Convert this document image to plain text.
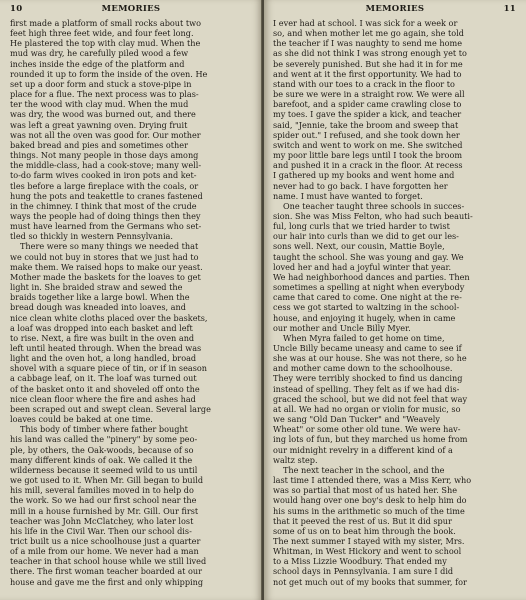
10	MEMORIES
first made a platform of small rocks about two
feet high three feet wide, and four feet long.
He plastered the top with clay mud. When the
mud was dry, he carefully piled wood a few
inches inside the edge of the platform and
rounded it up to form the inside of the oven. He
set up a door form and stuck a stove-pipe in
place for a flue. The next process was to plas-
ter the wood with clay mud. When the mud
was dry, the wood was burned out, and there
was left a great yawning oven. Drying fruit
was not all the oven was good for. Our mother
baked bread and pies and sometimes other
things. Not many people in those days among
the middle-class, had a cook-stove; many well-
to-do farm wives cooked in iron pots and ket-
tles before a large fireplace with the coals, or
hung the pots and teakettle to cranes fastened
in the chimney. I think that most of the crude
ways the people had of doing things then they
must have learned from the Germans who set-
tled so thickly in western Pennsylvania.
There were so many things we needed that
we could not buy in stores that we just had to
make them. We raised hops to make our yeast.
Mother made the baskets for the loaves to get
light in. She braided straw and sewed the
braids together like a large bowl. When the
bread dough was kneaded into loaves, and
nice clean white cloths placed over the baskets,
a loaf was dropped into each basket and left
to rise. Next, a fire was built in the oven and
left until heated through. When the bread was
light and the oven hot, a long handled, broad
shovel with a square piece of tin, or if in season
a cabbage leaf, on it. The loaf was turned out
of the basket onto it and shoveled off onto the
nice clean floor where the fire and ashes had
been scraped out and swept clean. Several large
loaves could be baked at one time.
This body of timber where father bought
his land was called the "pinery" by some peo-
ple, by others, the Oak-woods, because of so
many different kinds of oak. We called it the
wilderness because it seemed wild to us until
we got used to it. When Mr. Gill began to build
his mill, several families moved in to help do
the work. So we had our first school near the
mill in a house furnished by Mr. Gill. Our first
teacher was John McClatchey, who later lost
his life in the Civil War. Then our school dis-
trict built us a nice schoolhouse just a quarter
of a mile from our home. We never had a man
teacher in that school house while we still lived
there. The first woman teacher boarded at our
house and gave me the first and only whipping
MEMORIES	11
I ever had at school. I was sick for a week or
so, and when mother let me go again, she told
the teacher if I was naughty to send me home
as she did not think I was strong enough yet to
be severely punished. But she had it in for me
and went at it the first opportunity. We had to
stand with our toes to a crack in the floor to
be sure we were in a straight row. We were all
barefoot, and a spider came crawling close to
my toes. I gave the spider a kick, and teacher
said, "Jennie, take the broom and sweep that
spider out." I refused, and she took down her
switch and went to work on me. She switched
my poor little bare legs until I took the broom
and pushed it in a crack in the floor. At recess
I gathered up my books and went home and
never had to go back. I have forgotten her
name. I must have wanted to forget.
One teacher taught three schools in succes-
sion. She was Miss Felton, who had such beauti-
ful, long curls that we tried harder to twist
our hair into curls than we did to get our les-
sons well. Next, our cousin, Mattie Boyle,
taught the school. She was young and gay. We
loved her and had a joyful winter that year.
We had neighborhood dances and parties. Then
sometimes a spelling at night when everybody
came that cared to come. One night at the re-
cess we got started to waltzing in the school-
house, and enjoying it hugely, when in came
our mother and Uncle Billy Myer.
When Myra failed to get home on time,
Uncle Billy became uneasy and came to see if
she was at our house. She was not there, so he
and mother came down to the schoolhouse.
They were terribly shocked to find us dancing
instead of spelling. They felt as if we had dis-
graced the school, but we did not feel that way
at all. We had no organ or violin for music, so
we sang "Old Dan Tucker" and "Weavely
Wheat" or some other old tune. We were hav-
ing lots of fun, but they marched us home from
our midnight revelry in a different kind of a
waltz step.
The next teacher in the school, and the
last time I attended there, was a Miss Kerr, who
was so partial that most of us hated her. She
would hang over one boy's desk to help him do
his sums in the arithmetic so much of the time
that it peeved the rest of us. But it did spur
some of us on to beat him through the book.
The next summer I stayed with my sister, Mrs.
Whitman, in West Hickory and went to school
to a Miss Lizzie Woodbury. That ended my
school days in Pennsylvania. I am sure I did
not get much out of my books that summer, for
